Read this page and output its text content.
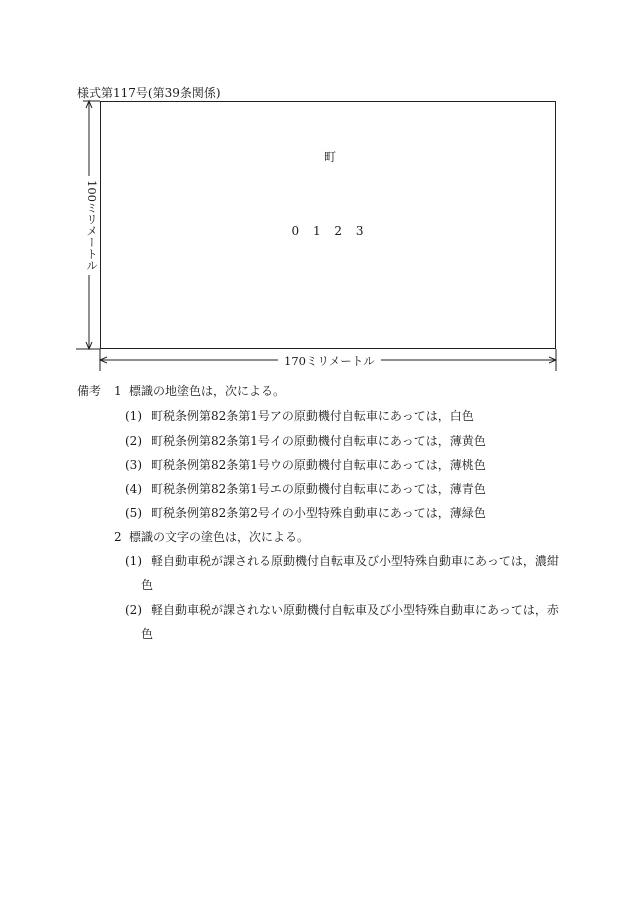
様式第117号(第39条関係)
町
0 1 2 3
100ミリメートル
170ミリメートル
備考 1 標識の地塗色は，次による。
(1) 町税条例第82条第1号アの原動機付自転車にあっては，白色
(2) 町税条例第82条第1号イの原動機付自転車にあっては，薄黄色
(3) 町税条例第82条第1号ウの原動機付自転車にあっては，薄桃色
(4) 町税条例第82条第1号エの原動機付自転車にあっては，薄青色
(5) 町税条例第82条第2号イの小型特殊自動車にあっては，薄緑色
2 標識の文字の塗色は，次による。
(1) 軽自動車税が課される原動機付自転車及び小型特殊自動車にあっては，濃紺
色
(2) 軽自動車税が課されない原動機付自転車及び小型特殊自動車にあっては，赤
色
